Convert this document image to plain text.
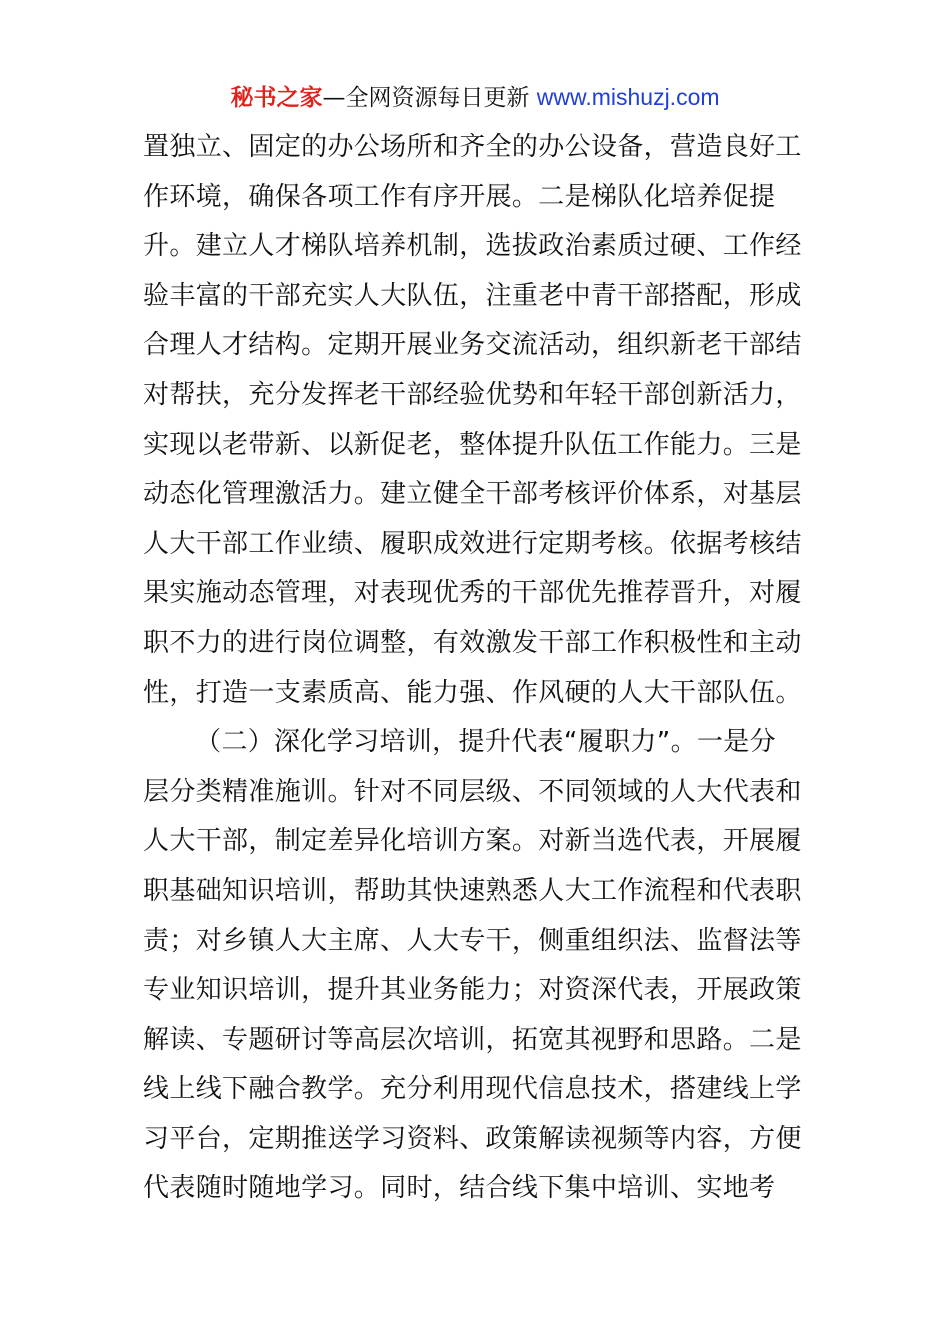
秘书之家—全网资源每日更新 www.mishuzj.com

置独立、固定的办公场所和齐全的办公设备，营造良好工
作环境，确保各项工作有序开展。二是梯队化培养促提
升。建立人才梯队培养机制，选拔政治素质过硬、工作经
验丰富的干部充实人大队伍，注重老中青干部搭配，形成
合理人才结构。定期开展业务交流活动，组织新老干部结
对帮扶，充分发挥老干部经验优势和年轻干部创新活力，
实现以老带新、以新促老，整体提升队伍工作能力。三是
动态化管理激活力。建立健全干部考核评价体系，对基层
人大干部工作业绩、履职成效进行定期考核。依据考核结
果实施动态管理，对表现优秀的干部优先推荐晋升，对履
职不力的进行岗位调整，有效激发干部工作积极性和主动
性，打造一支素质高、能力强、作风硬的人大干部队伍。

（二）深化学习培训，提升代表“履职力”。一是分
层分类精准施训。针对不同层级、不同领域的人大代表和
人大干部，制定差异化培训方案。对新当选代表，开展履
职基础知识培训，帮助其快速熟悉人大工作流程和代表职
责；对乡镇人大主席、人大专干，侧重组织法、监督法等
专业知识培训，提升其业务能力；对资深代表，开展政策
解读、专题研讨等高层次培训，拓宽其视野和思路。二是
线上线下融合教学。充分利用现代信息技术，搭建线上学
习平台，定期推送学习资料、政策解读视频等内容，方便
代表随时随地学习。同时，结合线下集中培训、实地考
